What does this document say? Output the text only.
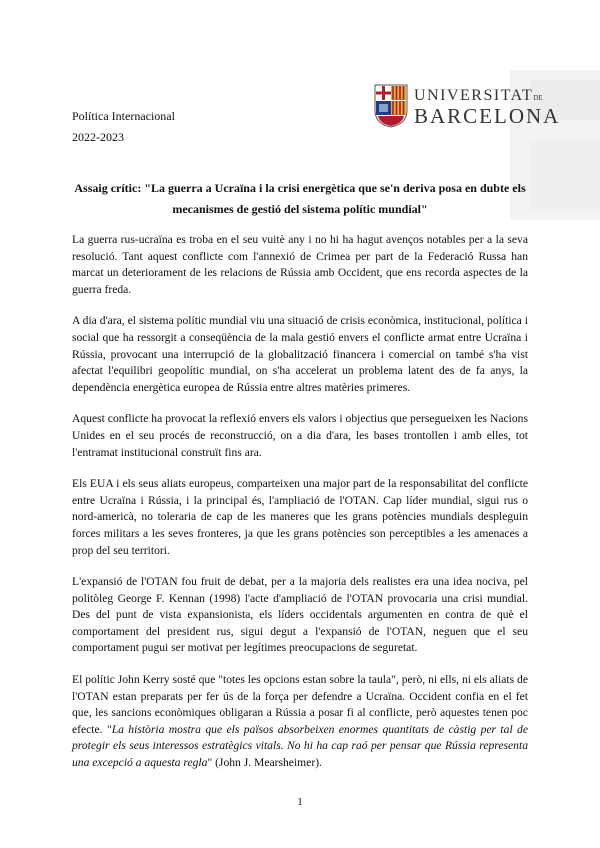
Política Internacional
2022-2023
UNIVERSITATDE
BARCELONA
Assaig crític: "La guerra a Ucraïna i la crisi energètica que se'n deriva posa en dubte els mecanismes de gestió del sistema polític mundial"

La guerra rus-ucraïna es troba en el seu vuitè any i no hi ha hagut avenços notables per a la seva resolució. Tant aquest conflicte com l'annexió de Crimea per part de la Federació Russa han marcat un deteriorament de les relacions de Rússia amb Occident, que ens recorda aspectes de la guerra freda.

A dia d'ara, el sistema polític mundial viu una situació de crisis econòmica, institucional, política i social que ha ressorgit a conseqüència de la mala gestió envers el conflicte armat entre Ucraïna i Rússia, provocant una interrupció de la globalització financera i comercial on també s'ha vist afectat l'equilibri geopolític mundial, on s'ha accelerat un problema latent des de fa anys, la dependència energètica europea de Rússia entre altres matèries primeres.

Aquest conflicte ha provocat la reflexió envers els valors i objectius que persegueixen les Nacions Unides en el seu procés de reconstrucció, on a dia d'ara, les bases trontollen i amb elles, tot l'entramat institucional construït fins ara.

Els EUA i els seus aliats europeus, comparteixen una major part de la responsabilitat del conflicte entre Ucraïna i Rússia, i la principal és, l'ampliació de l'OTAN. Cap líder mundial, sigui rus o nord-americà, no toleraria de cap de les maneres que les grans potències mundials despleguin forces militars a les seves fronteres, ja que les grans potències son perceptibles a les amenaces a prop del seu territori.

L'expansió de l'OTAN fou fruit de debat, per a la majoria dels realistes era una idea nociva, pel politòleg George F. Kennan (1998) l'acte d'ampliació de l'OTAN provocaria una crisi mundial. Des del punt de vista expansionista, els líders occidentals argumenten en contra de què el comportament del president rus, sigui degut a l'expansió de l'OTAN, neguen que el seu comportament pugui ser motivat per legítimes preocupacions de seguretat.

El polític John Kerry sosté que "totes les opcions estan sobre la taula", però, ni ells, ni els aliats de l'OTAN estan preparats per fer ús de la força per defendre a Ucraïna. Occident confia en el fet que, les sancions econòmiques obligaran a Rússia a posar fi al conflicte, però aquestes tenen poc efecte. "La història mostra que els països absorbeixen enormes quantitats de càstig per tal de protegir els seus interessos estratègics vitals. No hi ha cap raó per pensar que Rússia representa una excepció a aquesta regla" (John J. Mearsheimer).

1
